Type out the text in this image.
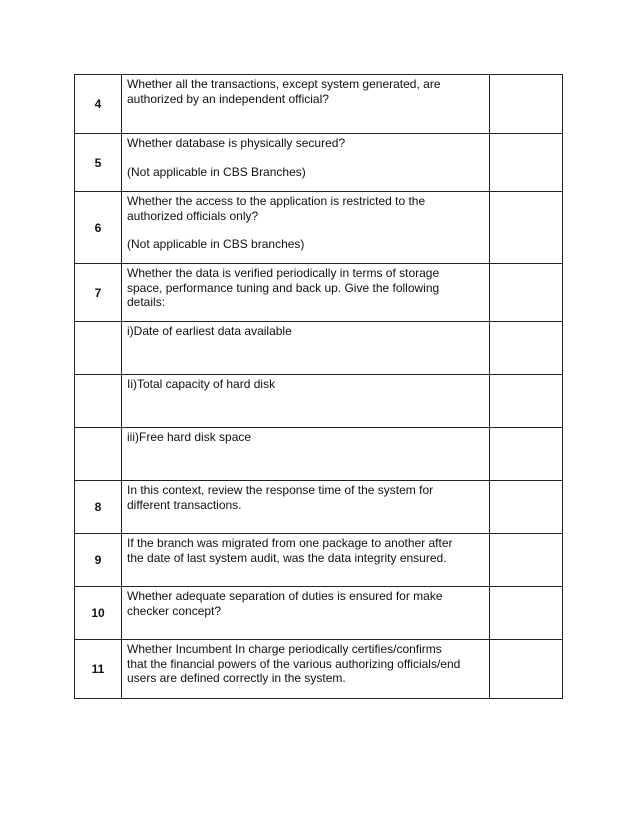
4	Whether all the transactions, except system generated, are
authorized by an independent official?	

5	Whether database is physically secured?
(Not applicable in CBS Branches)	

6	Whether the access to the application is restricted to the
authorized officials only?
(Not applicable in CBS branches)	

7	Whether the data is verified periodically in terms of storage
space, performance tuning and back up. Give the following
details:	

	i)Date of earliest data available	

	Ii)Total capacity of hard disk	

	iii)Free hard disk space	

8	In this context, review the response time of the system for
different transactions.	

9	If the branch was migrated from one package to another after
the date of last system audit, was the data integrity ensured.	

10	Whether adequate separation of duties is ensured for make
checker concept?	

11	Whether Incumbent In charge periodically certifies/confirms
that the financial powers of the various authorizing officials/end
users are defined correctly in the system.	
